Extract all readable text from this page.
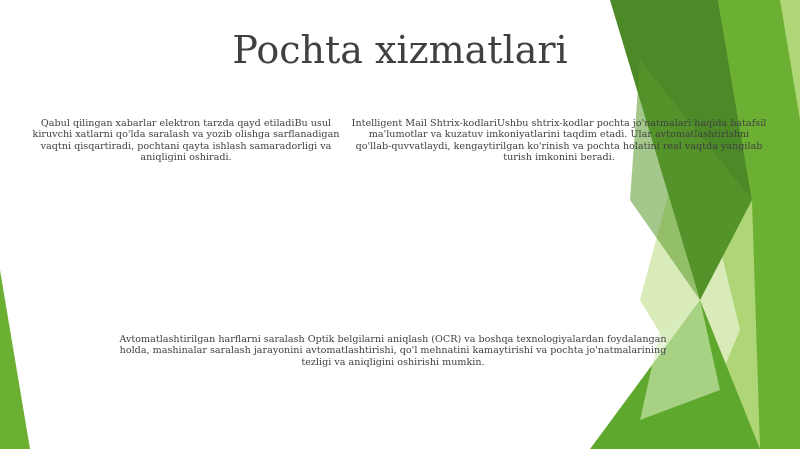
Pochta xizmatlari

Qabul qilingan xabarlar elektron tarzda qayd etiladiBu usul kiruvchi xatlarni qo'lda saralash va yozib olishga sarflanadigan vaqtni qisqartiradi, pochtani qayta ishlash samaradorligi va aniqligini oshiradi.

Intelligent Mail Shtrix-kodlariUshbu shtrix-kodlar pochta jo'natmalari haqida batafsil ma'lumotlar va kuzatuv imkoniyatlarini taqdim etadi. Ular avtomatlashtirishni qo'llab-quvvatlaydi, kengaytirilgan ko'rinish va pochta holatini real vaqtda yangilab turish imkonini beradi.

Avtomatlashtirilgan harflarni saralash Optik belgilarni aniqlash (OCR) va boshqa texnologiyalardan foydalangan holda, mashinalar saralash jarayonini avtomatlashtirishi, qo'l mehnatini kamaytirishi va pochta jo'natmalarining tezligi va aniqligini oshirishi mumkin.
